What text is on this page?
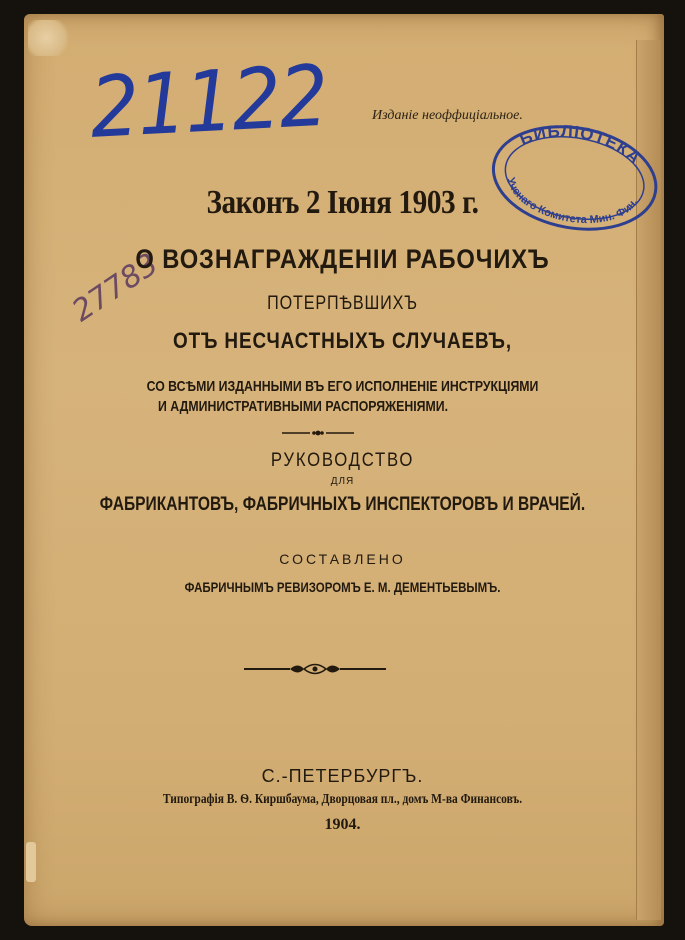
21122	Изданіе неоффиціальное.
БИБЛІОТЕКА
Ученаго Комитета Мин. Фин.
27783
Законъ 2 Іюня 1903 г.
О ВОЗНАГРАЖДЕНІИ РАБОЧИХЪ
ПОТЕРПѢВШИХЪ
ОТЪ НЕСЧАСТНЫХЪ СЛУЧАЕВЪ,
СО ВСѢМИ ИЗДАННЫМИ ВЪ ЕГО ИСПОЛНЕНІЕ ИНСТРУКЦІЯМИ
И АДМИНИСТРАТИВНЫМИ РАСПОРЯЖЕНІЯМИ.
РУКОВОДСТВО
ДЛЯ
ФАБРИКАНТОВЪ, ФАБРИЧНЫХЪ ИНСПЕКТОРОВЪ И ВРАЧЕЙ.
СОСТАВЛЕНО
ФАБРИЧНЫМЪ РЕВИЗОРОМЪ Е. М. ДЕМЕНТЬЕВЫМЪ.
С.-ПЕТЕРБУРГЪ.
Типографія В. Ѳ. Киршбаума, Дворцовая пл., домъ М-ва Финансовъ.
1904.
